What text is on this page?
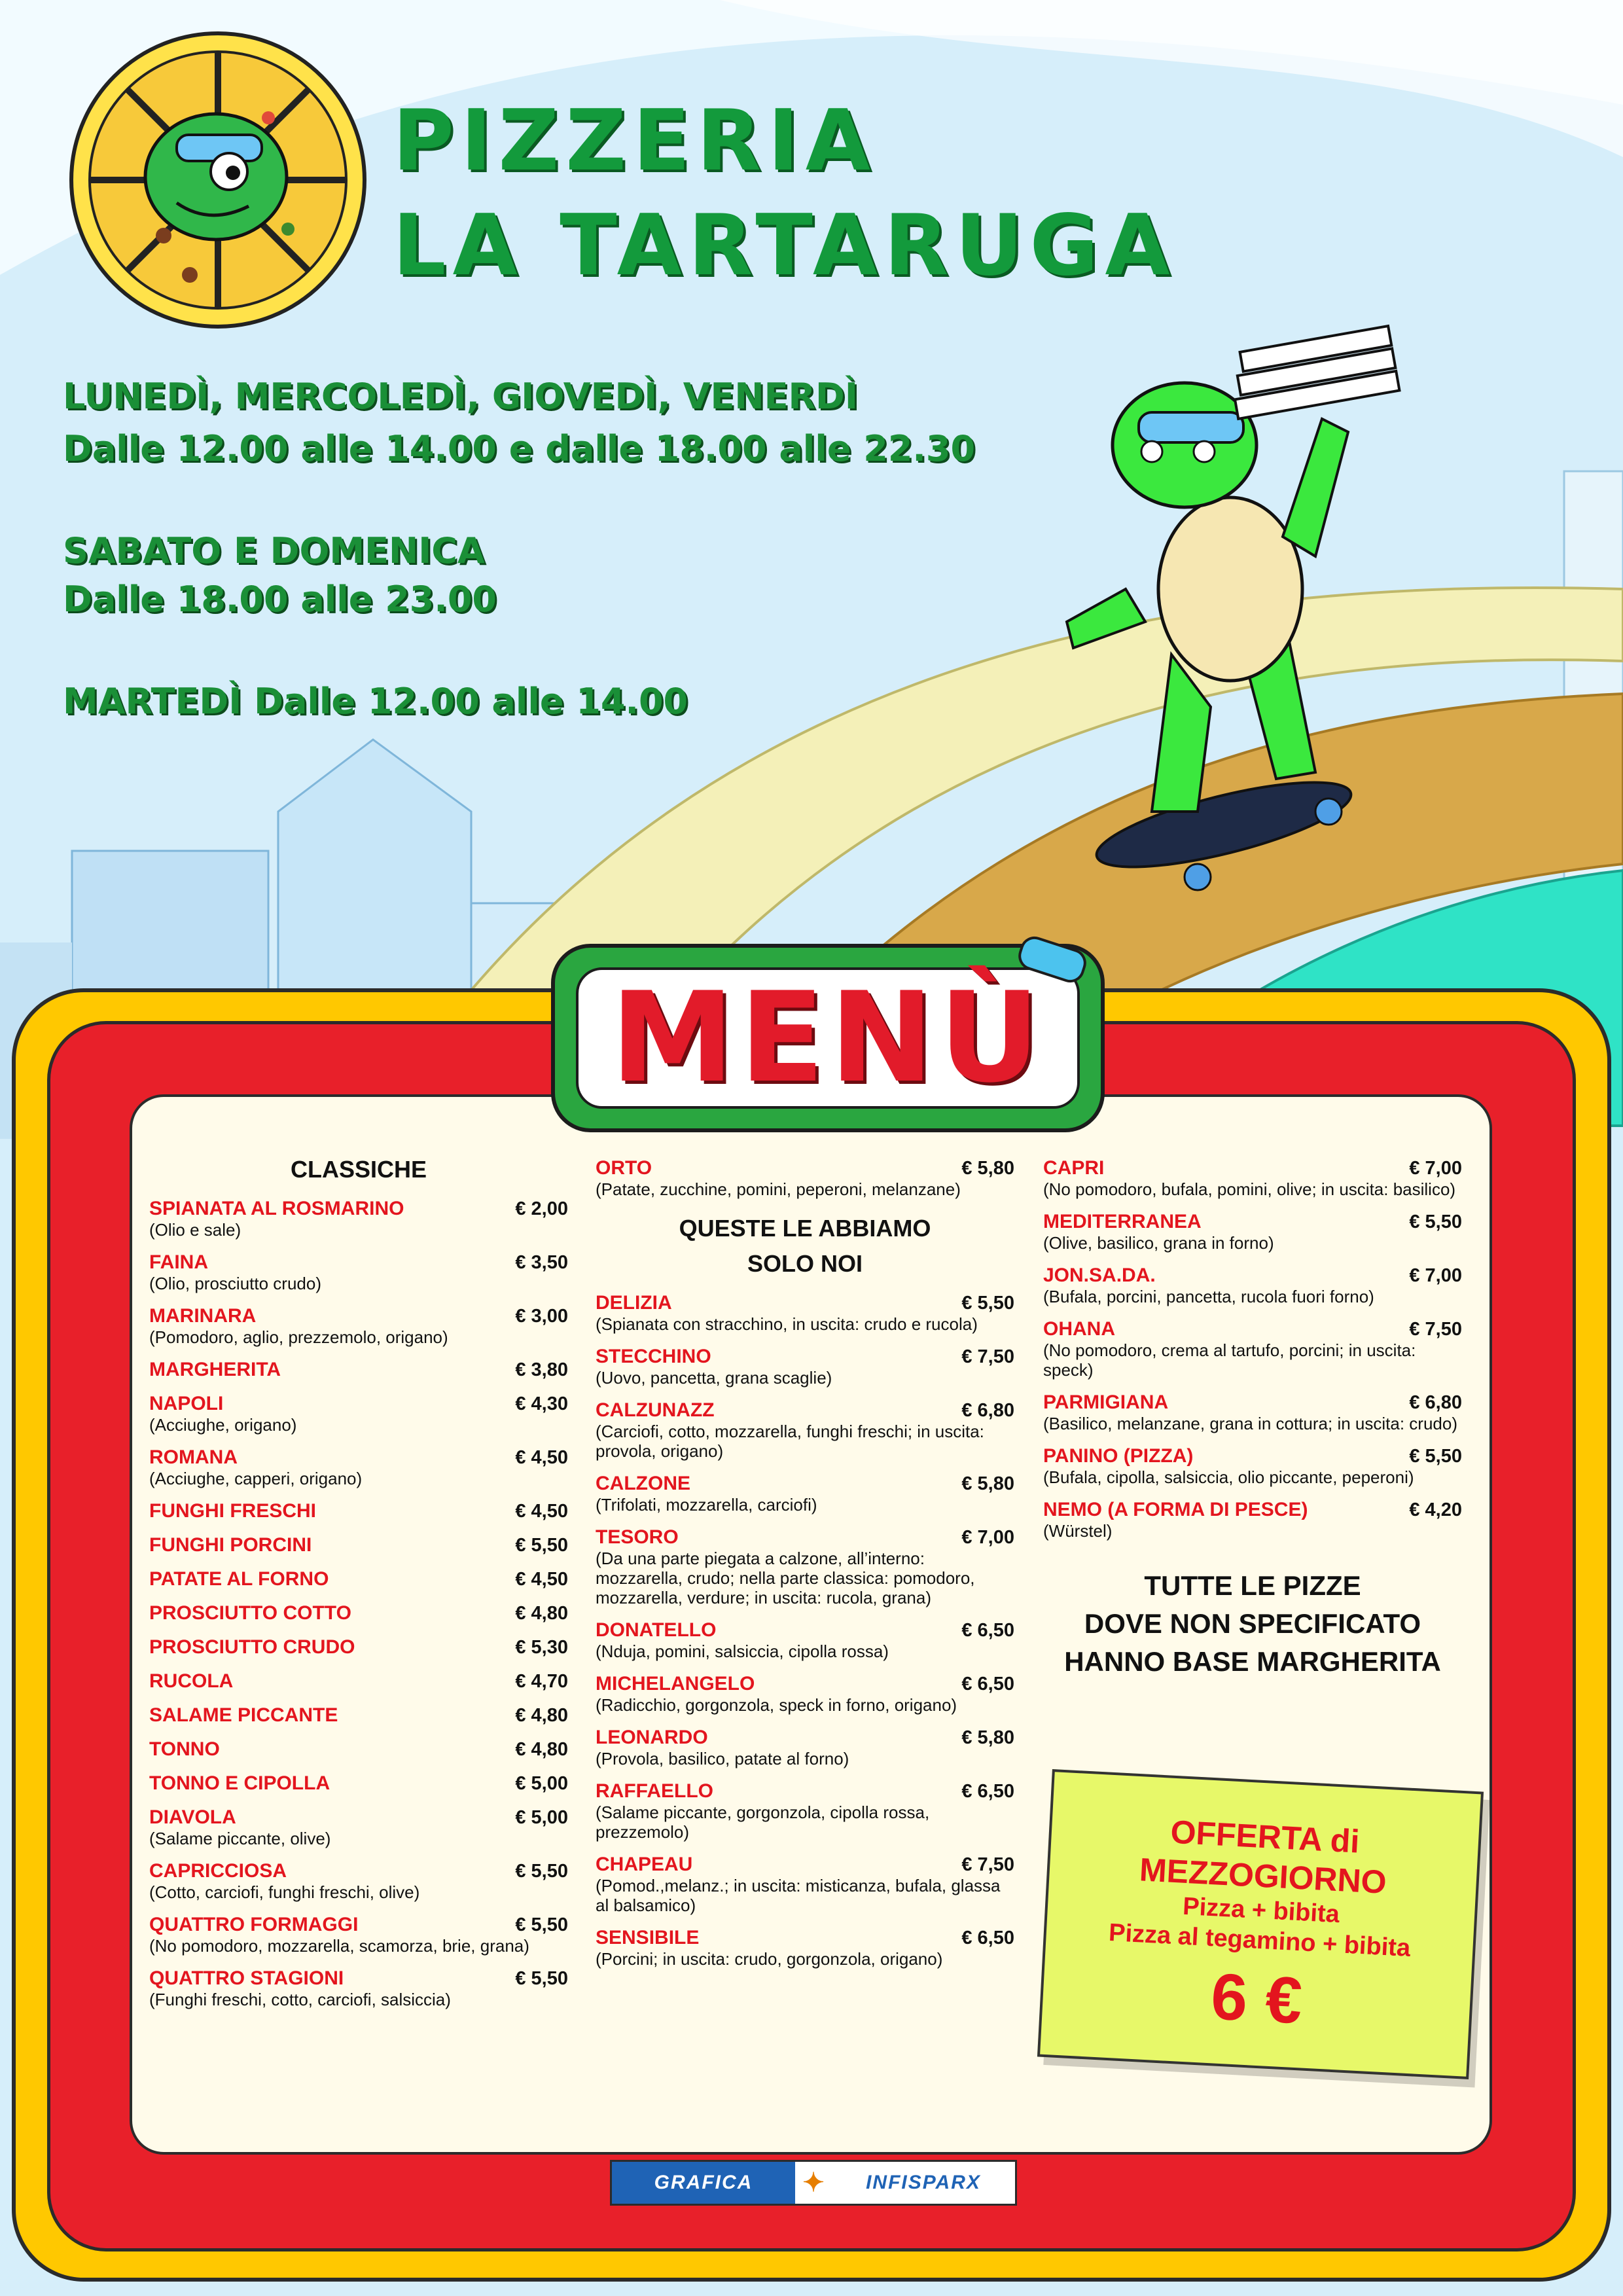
PIZZERIA
LA TARTARUGA
LUNEDÌ, MERCOLEDÌ, GIOVEDÌ, VENERDÌ
Dalle 12.00 alle 14.00 e dalle 18.00 alle 22.30
SABATO E DOMENICA
Dalle 18.00 alle 23.00
MARTEDÌ Dalle 12.00 alle 14.00
MENÙ
CLASSICHE
SPIANATA AL ROSMARINO	€ 2,00
(Olio e sale)
FAINA	€ 3,50
(Olio, prosciutto crudo)
MARINARA	€ 3,00
(Pomodoro, aglio, prezzemolo, origano)
MARGHERITA	€ 3,80
NAPOLI	€ 4,30
(Acciughe, origano)
ROMANA	€ 4,50
(Acciughe, capperi, origano)
FUNGHI FRESCHI	€ 4,50
FUNGHI PORCINI	€ 5,50
PATATE AL FORNO	€ 4,50
PROSCIUTTO COTTO	€ 4,80
PROSCIUTTO CRUDO	€ 5,30
RUCOLA	€ 4,70
SALAME PICCANTE	€ 4,80
TONNO	€ 4,80
TONNO E CIPOLLA	€ 5,00
DIAVOLA	€ 5,00
(Salame piccante, olive)
CAPRICCIOSA	€ 5,50
(Cotto, carciofi, funghi freschi, olive)
QUATTRO FORMAGGI	€ 5,50
(No pomodoro, mozzarella, scamorza, brie, grana)
QUATTRO STAGIONI	€ 5,50
(Funghi freschi, cotto, carciofi, salsiccia)
ORTO	€ 5,80
(Patate, zucchine, pomini, peperoni, melanzane)
QUESTE LE ABBIAMO
SOLO NOI
DELIZIA	€ 5,50
(Spianata con stracchino, in uscita: crudo e rucola)
STECCHINO	€ 7,50
(Uovo, pancetta, grana scaglie)
CALZUNAZZ	€ 6,80
(Carciofi, cotto, mozzarella, funghi freschi; in uscita: provola, origano)
CALZONE	€ 5,80
(Trifolati, mozzarella, carciofi)
TESORO	€ 7,00
(Da una parte piegata a calzone, all’interno: mozzarella, crudo; nella parte classica: pomodoro, mozzarella, verdure; in uscita: rucola, grana)
DONATELLO	€ 6,50
(Nduja, pomini, salsiccia, cipolla rossa)
MICHELANGELO	€ 6,50
(Radicchio, gorgonzola, speck in forno, origano)
LEONARDO	€ 5,80
(Provola, basilico, patate al forno)
RAFFAELLO	€ 6,50
(Salame piccante, gorgonzola, cipolla rossa, prezzemolo)
CHAPEAU	€ 7,50
(Pomod.,melanz.; in uscita: misticanza, bufala, glassa al balsamico)
SENSIBILE	€ 6,50
(Porcini; in uscita: crudo, gorgonzola, origano)
CAPRI	€ 7,00
(No pomodoro, bufala, pomini, olive; in uscita: basilico)
MEDITERRANEA	€ 5,50
(Olive, basilico, grana in forno)
JON.SA.DA.	€ 7,00
(Bufala, porcini, pancetta, rucola fuori forno)
OHANA	€ 7,50
(No pomodoro, crema al tartufo, porcini; in uscita: speck)
PARMIGIANA	€ 6,80
(Basilico, melanzane, grana in cottura; in uscita: crudo)
PANINO (PIZZA)	€ 5,50
(Bufala, cipolla, salsiccia, olio piccante, peperoni)
NEMO (A FORMA DI PESCE)	€ 4,20
(Würstel)
TUTTE LE PIZZE
DOVE NON SPECIFICATO
HANNO BASE MARGHERITA
OFFERTA di
MEZZOGIORNO
Pizza + bibita
Pizza al tegamino + bibita
6 €
GRAFICA	✦	INFISPARX
